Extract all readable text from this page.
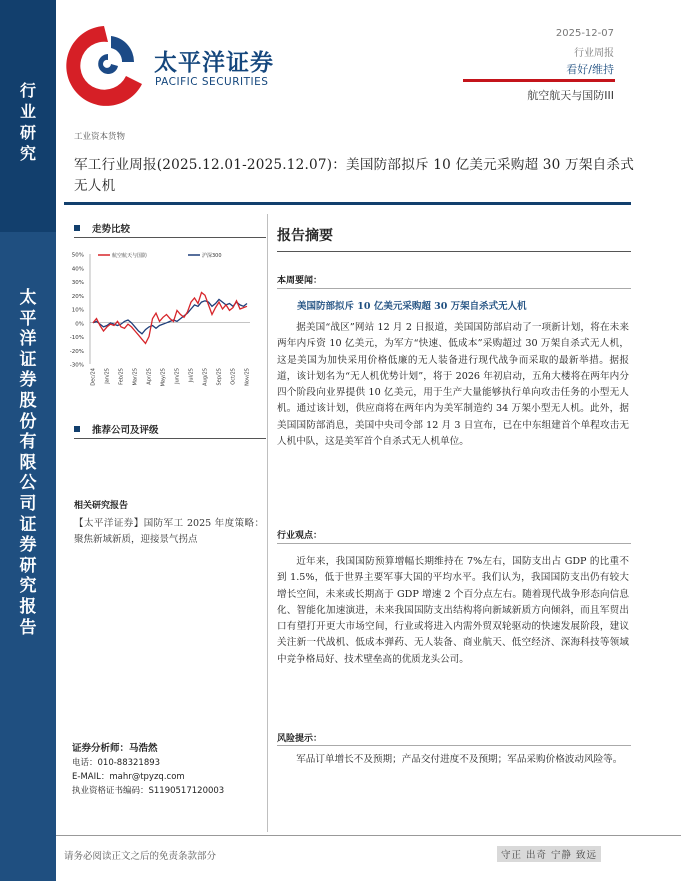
行
业
研
究
太
平
洋
证
券
股
份
有
限
公
司
证
券
研
究
报
告
太平洋证券
PACIFIC SECURITIES
2025-12-07
行业周报
看好/维持
航空航天与国防III
工业资本货物
军工行业周报(2025.12.01-2025.12.07)：美国防部拟斥 10 亿美元采购超 30 万架自杀式无人机
走势比较
50%
40%
30%
20%
10%
0%
-10%
-20%
-30%
Dec/24 Jan/25 Feb/25 Mar/25 Apr/25 May/25 Jun/25 Jul/25 Aug/25 Sep/25 Oct/25 Nov/25
航空航天与国防	沪深300
推荐公司及评级
相关研究报告
【太平洋证券】国防军工 2025 年度策略：聚焦新域新质，迎接景气拐点
证券分析师：马浩然
电话：010-88321893
E-MAIL：mahr@tpyzq.com
执业资格证书编码：S1190517120003
报告摘要
本周要闻：
美国防部拟斥 10 亿美元采购超 30 万架自杀式无人机
据美国“战区”网站 12 月 2 日报道，美国国防部启动了一项新计划，将在未来两年内斥资 10 亿美元，为军方“快速、低成本”采购超过 30 万架自杀式无人机，这是美国为加快采用价格低廉的无人装备进行现代战争而采取的最新举措。据报道，该计划名为“无人机优势计划”，将于 2026 年初启动，五角大楼将在两年内分四个阶段向业界提供 10 亿美元，用于生产大量能够执行单向攻击任务的小型无人机。通过该计划，供应商将在两年内为美军制造约 34 万架小型无人机。此外，据美国国防部消息，美国中央司令部 12 月 3 日宣布，已在中东组建首个单程攻击无人机中队，这是美军首个自杀式无人机单位。
行业观点：
近年来，我国国防预算增幅长期维持在 7%左右，国防支出占 GDP 的比重不到 1.5%，低于世界主要军事大国的平均水平。我们认为，我国国防支出仍有较大增长空间，未来或长期高于 GDP 增速 2 个百分点左右。随着现代战争形态向信息化、智能化加速演进，未来我国国防支出结构将向新域新质方向倾斜，而且军贸出口有望打开更大市场空间，行业或将进入内需外贸双轮驱动的快速发展阶段，建议关注新一代战机、低成本弹药、无人装备、商业航天、低空经济、深海科技等领域中竞争格局好、技术壁垒高的优质龙头公司。
风险提示：
军品订单增长不及预期；产品交付进度不及预期；军品采购价格波动风险等。
请务必阅读正文之后的免责条款部分	守正 出奇 宁静 致远
